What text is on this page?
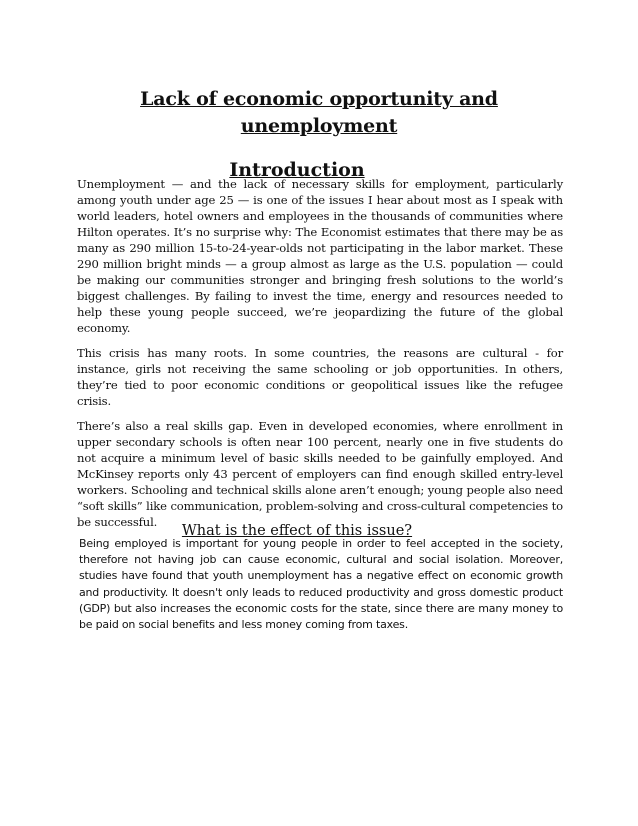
Lack of economic opportunity and unemployment
Introduction

Unemployment — and the lack of necessary skills for employment, particularly among youth under age 25 — is one of the issues I hear about most as I speak with world leaders, hotel owners and employees in the thousands of communities where Hilton operates. It’s no surprise why: The Economist estimates that there may be as many as 290 million 15-to-24-year-olds not participating in the labor market. These 290 million bright minds — a group almost as large as the U.S. population — could be making our communities stronger and bringing fresh solutions to the world’s biggest challenges. By failing to invest the time, energy and resources needed to help these young people succeed, we’re jeopardizing the future of the global economy.

This crisis has many roots. In some countries, the reasons are cultural - for instance, girls not receiving the same schooling or job opportunities. In others, they’re tied to poor economic conditions or geopolitical issues like the refugee crisis.

There’s also a real skills gap. Even in developed economies, where enrollment in upper secondary schools is often near 100 percent, nearly one in five students do not acquire a minimum level of basic skills needed to be gainfully employed. And McKinsey reports only 43 percent of employers can find enough skilled entry-level workers. Schooling and technical skills alone aren’t enough; young people also need “soft skills” like communication, problem-solving and cross-cultural competencies to be successful.

What is the effect of this issue?

Being employed is important for young people in order to feel accepted in the society, therefore not having job can cause economic, cultural and social isolation. Moreover, studies have found that youth unemployment has a negative effect on economic growth and productivity. It doesn't only leads to reduced productivity and gross domestic product (GDP) but also increases the economic costs for the state, since there are many money to be paid on social benefits and less money coming from taxes.
